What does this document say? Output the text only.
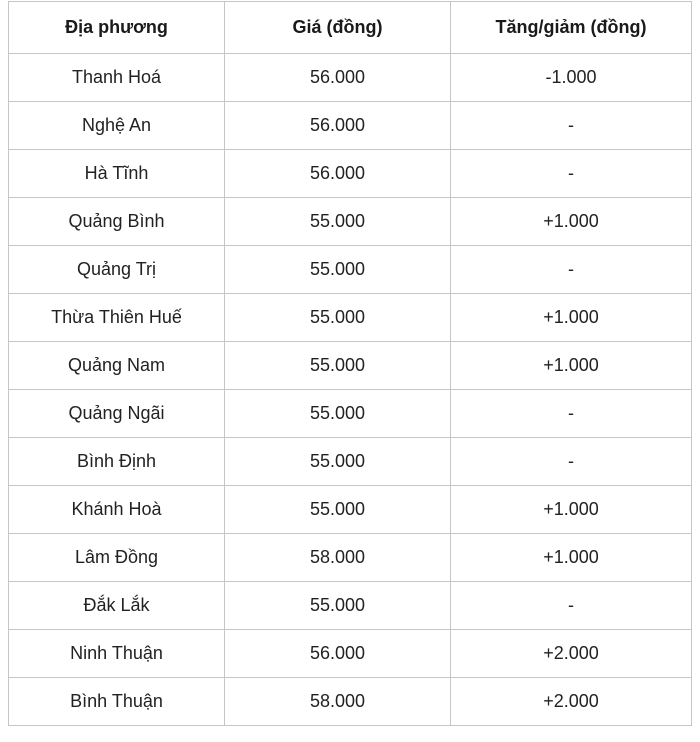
Địa phương	Giá (đồng)	Tăng/giảm (đồng)
Thanh Hoá	56.000	-1.000
Nghệ An	56.000	-
Hà Tĩnh	56.000	-
Quảng Bình	55.000	+1.000
Quảng Trị	55.000	-
Thừa Thiên Huế	55.000	+1.000
Quảng Nam	55.000	+1.000
Quảng Ngãi	55.000	-
Bình Định	55.000	-
Khánh Hoà	55.000	+1.000
Lâm Đồng	58.000	+1.000
Đắk Lắk	55.000	-
Ninh Thuận	56.000	+2.000
Bình Thuận	58.000	+2.000
